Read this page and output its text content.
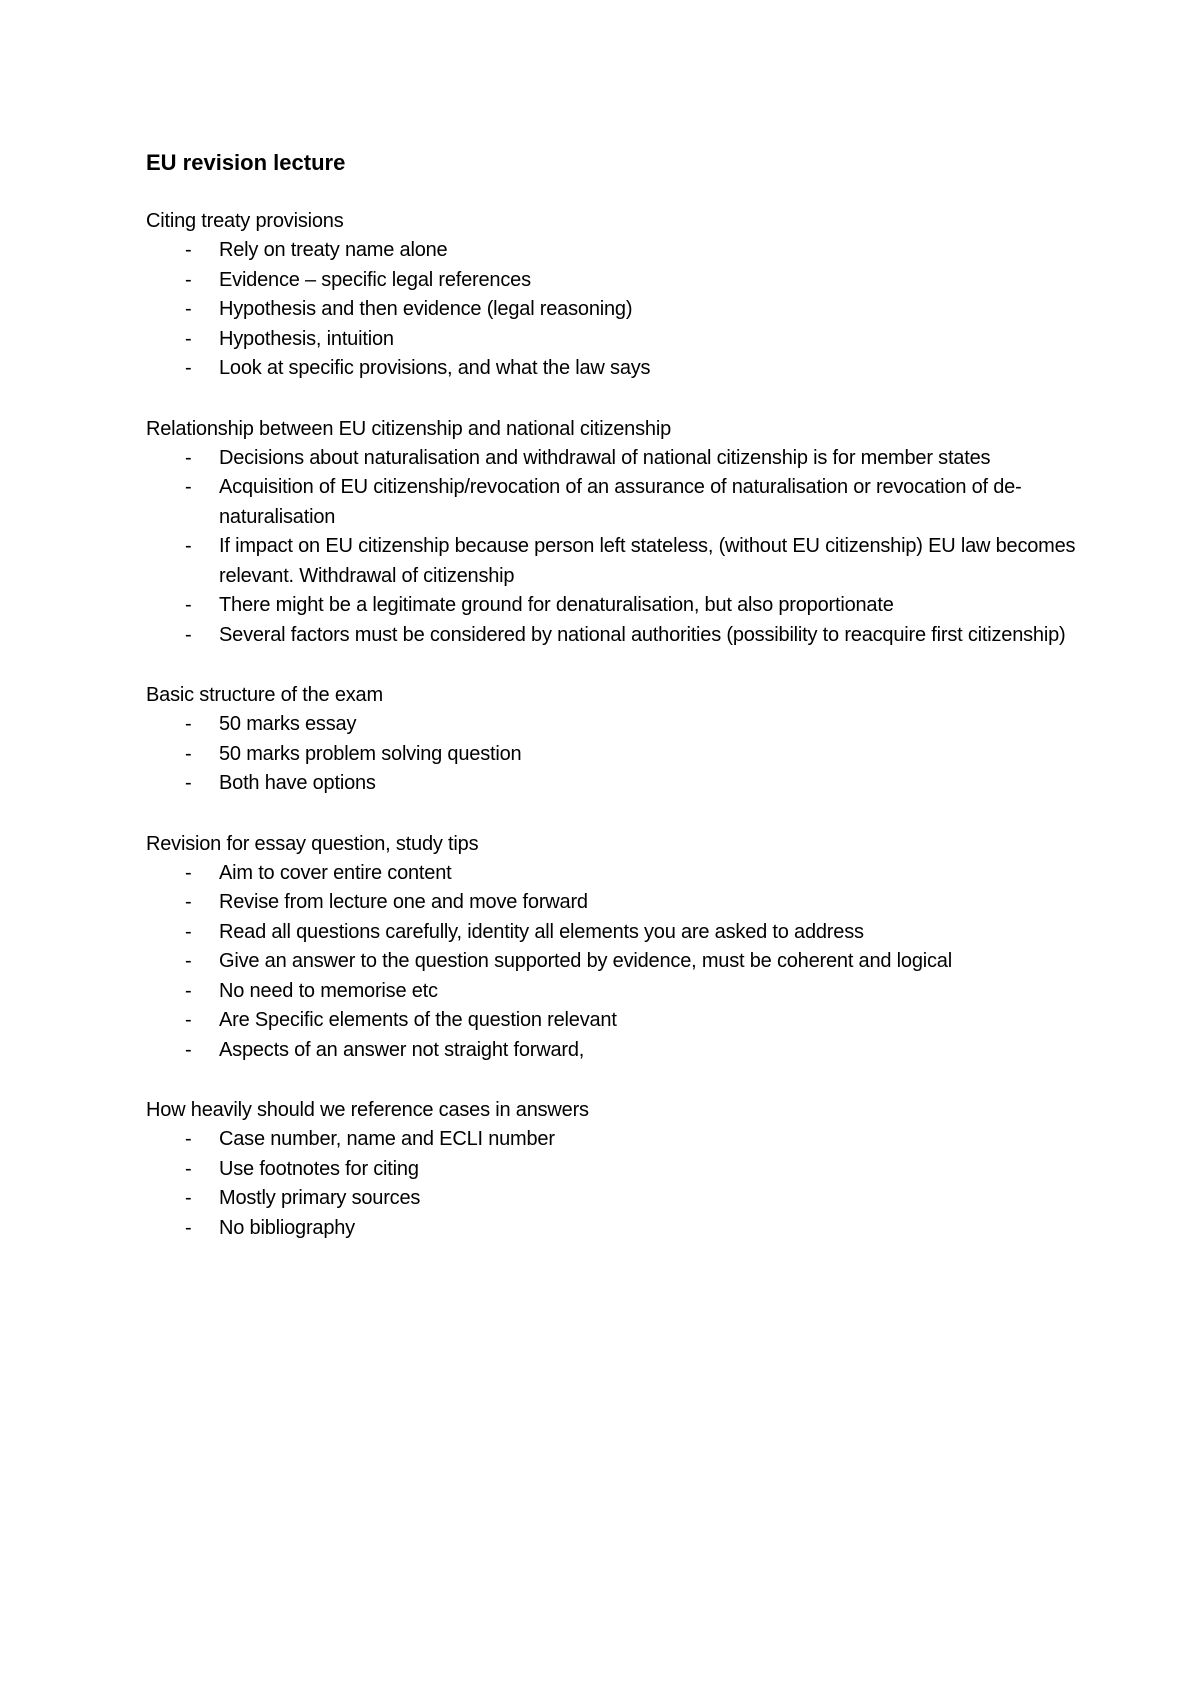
EU revision lecture

Citing treaty provisions

- Rely on treaty name alone
- Evidence – specific legal references
- Hypothesis and then evidence (legal reasoning)
- Hypothesis, intuition
- Look at specific provisions, and what the law says

Relationship between EU citizenship and national citizenship

- Decisions about naturalisation and withdrawal of national citizenship is for member states
- Acquisition of EU citizenship/revocation of an assurance of naturalisation or revocation of de-naturalisation
- If impact on EU citizenship because person left stateless, (without EU citizenship) EU law becomes relevant. Withdrawal of citizenship
- There might be a legitimate ground for denaturalisation, but also proportionate
- Several factors must be considered by national authorities (possibility to reacquire first citizenship)

Basic structure of the exam

- 50 marks essay
- 50 marks problem solving question
- Both have options

Revision for essay question, study tips

- Aim to cover entire content
- Revise from lecture one and move forward
- Read all questions carefully, identity all elements you are asked to address
- Give an answer to the question supported by evidence, must be coherent and logical
- No need to memorise etc
- Are Specific elements of the question relevant
- Aspects of an answer not straight forward,

How heavily should we reference cases in answers

- Case number, name and ECLI number
- Use footnotes for citing
- Mostly primary sources
- No bibliography
